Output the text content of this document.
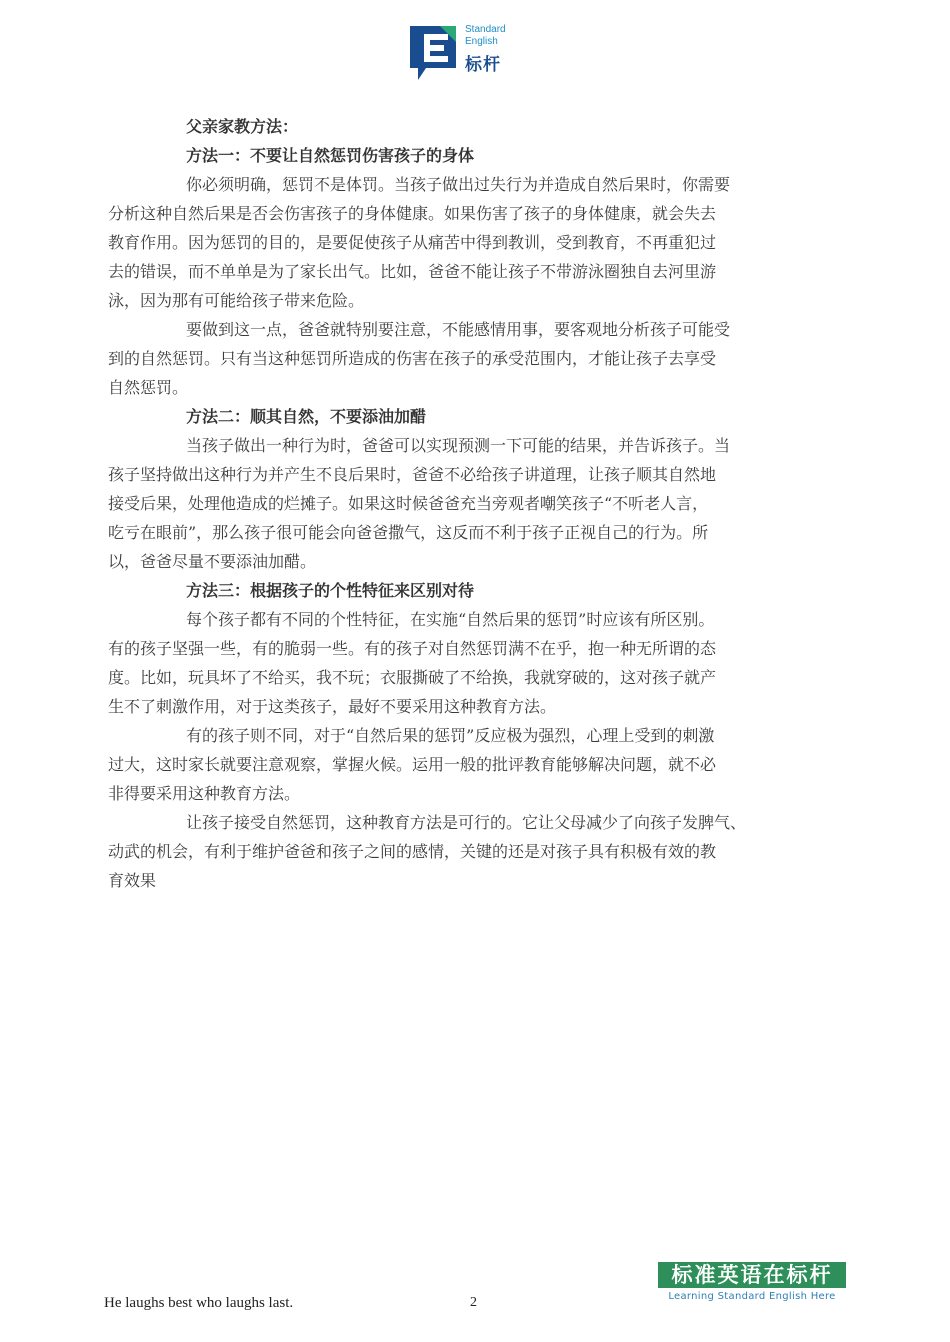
Standard
English
标杆
父亲家教方法：
方法一：不要让自然惩罚伤害孩子的身体
你必须明确，惩罚不是体罚。当孩子做出过失行为并造成自然后果时，你需要
分析这种自然后果是否会伤害孩子的身体健康。如果伤害了孩子的身体健康，就会失去
教育作用。因为惩罚的目的，是要促使孩子从痛苦中得到教训，受到教育，不再重犯过
去的错误，而不单单是为了家长出气。比如，爸爸不能让孩子不带游泳圈独自去河里游
泳，因为那有可能给孩子带来危险。
要做到这一点，爸爸就特别要注意，不能感情用事，要客观地分析孩子可能受
到的自然惩罚。只有当这种惩罚所造成的伤害在孩子的承受范围内，才能让孩子去享受
自然惩罚。
方法二：顺其自然，不要添油加醋
当孩子做出一种行为时，爸爸可以实现预测一下可能的结果，并告诉孩子。当
孩子坚持做出这种行为并产生不良后果时，爸爸不必给孩子讲道理，让孩子顺其自然地
接受后果，处理他造成的烂摊子。如果这时候爸爸充当旁观者嘲笑孩子“不听老人言，
吃亏在眼前”，那么孩子很可能会向爸爸撒气，这反而不利于孩子正视自己的行为。所
以，爸爸尽量不要添油加醋。
方法三：根据孩子的个性特征来区别对待
每个孩子都有不同的个性特征，在实施“自然后果的惩罚”时应该有所区别。
有的孩子坚强一些，有的脆弱一些。有的孩子对自然惩罚满不在乎，抱一种无所谓的态
度。比如，玩具坏了不给买，我不玩；衣服撕破了不给换，我就穿破的，这对孩子就产
生不了刺激作用，对于这类孩子，最好不要采用这种教育方法。
有的孩子则不同，对于“自然后果的惩罚”反应极为强烈，心理上受到的刺激
过大，这时家长就要注意观察，掌握火候。运用一般的批评教育能够解决问题，就不必
非得要采用这种教育方法。
让孩子接受自然惩罚，这种教育方法是可行的。它让父母减少了向孩子发脾气、
动武的机会，有利于维护爸爸和孩子之间的感情，关键的还是对孩子具有积极有效的教
育效果
He laughs best who laughs last.	2
标准英语在标杆
Learning Standard English Here
